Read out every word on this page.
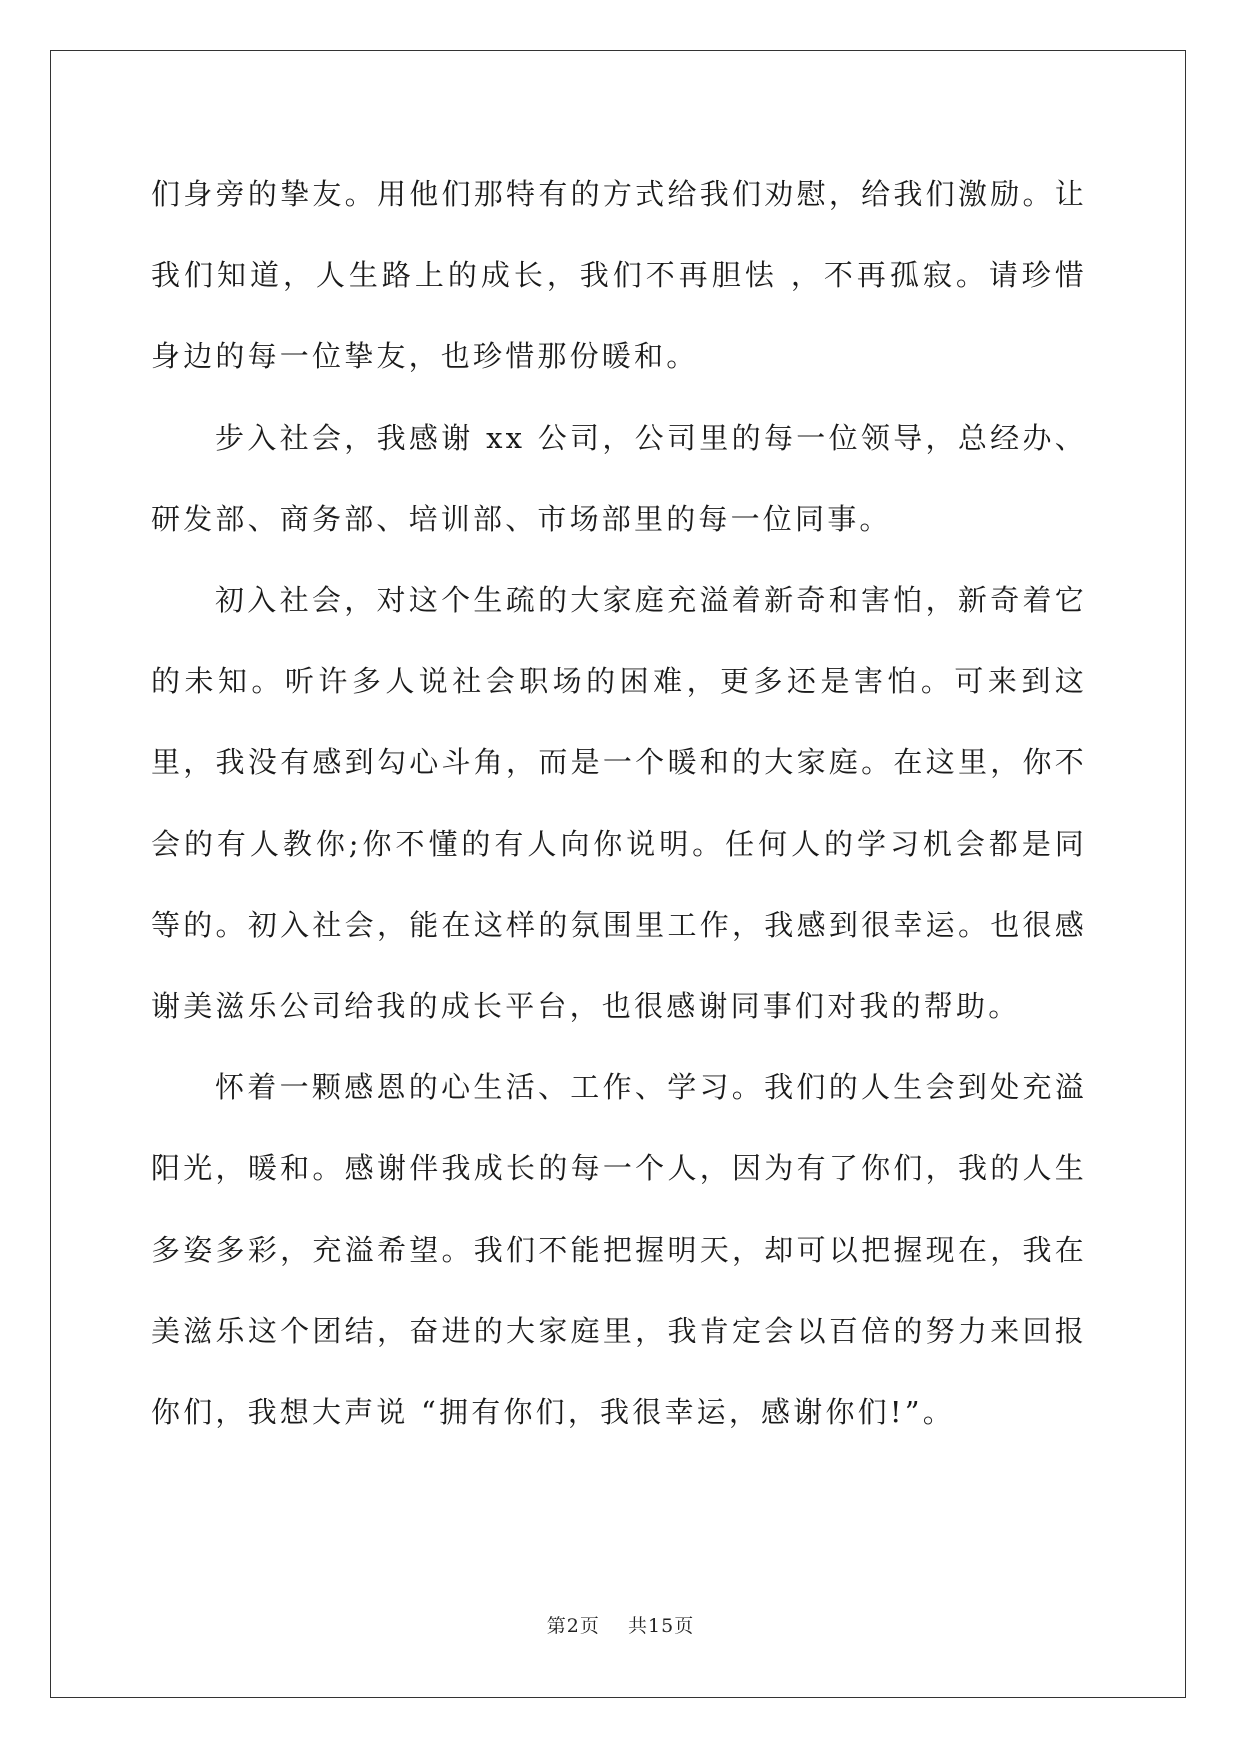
们身旁的挚友。用他们那特有的方式给我们劝慰，给我们激励。让我们知道，人生路上的成长，我们不再胆怯 ，不再孤寂。请珍惜身边的每一位挚友，也珍惜那份暖和。

步入社会，我感谢 xx 公司，公司里的每一位领导，总经办、研发部、商务部、培训部、市场部里的每一位同事。

初入社会，对这个生疏的大家庭充溢着新奇和害怕，新奇着它的未知。听许多人说社会职场的困难，更多还是害怕。可来到这里，我没有感到勾心斗角，而是一个暖和的大家庭。在这里，你不会的有人教你;你不懂的有人向你说明。任何人的学习机会都是同等的。初入社会，能在这样的氛围里工作，我感到很幸运。也很感谢美滋乐公司给我的成长平台，也很感谢同事们对我的帮助。

怀着一颗感恩的心生活、工作、学习。我们的人生会到处充溢阳光，暖和。感谢伴我成长的每一个人，因为有了你们，我的人生多姿多彩，充溢希望。我们不能把握明天，却可以把握现在，我在美滋乐这个团结，奋进的大家庭里，我肯定会以百倍的努力来回报你们，我想大声说 “拥有你们，我很幸运，感谢你们!”。

第2页 共15页
